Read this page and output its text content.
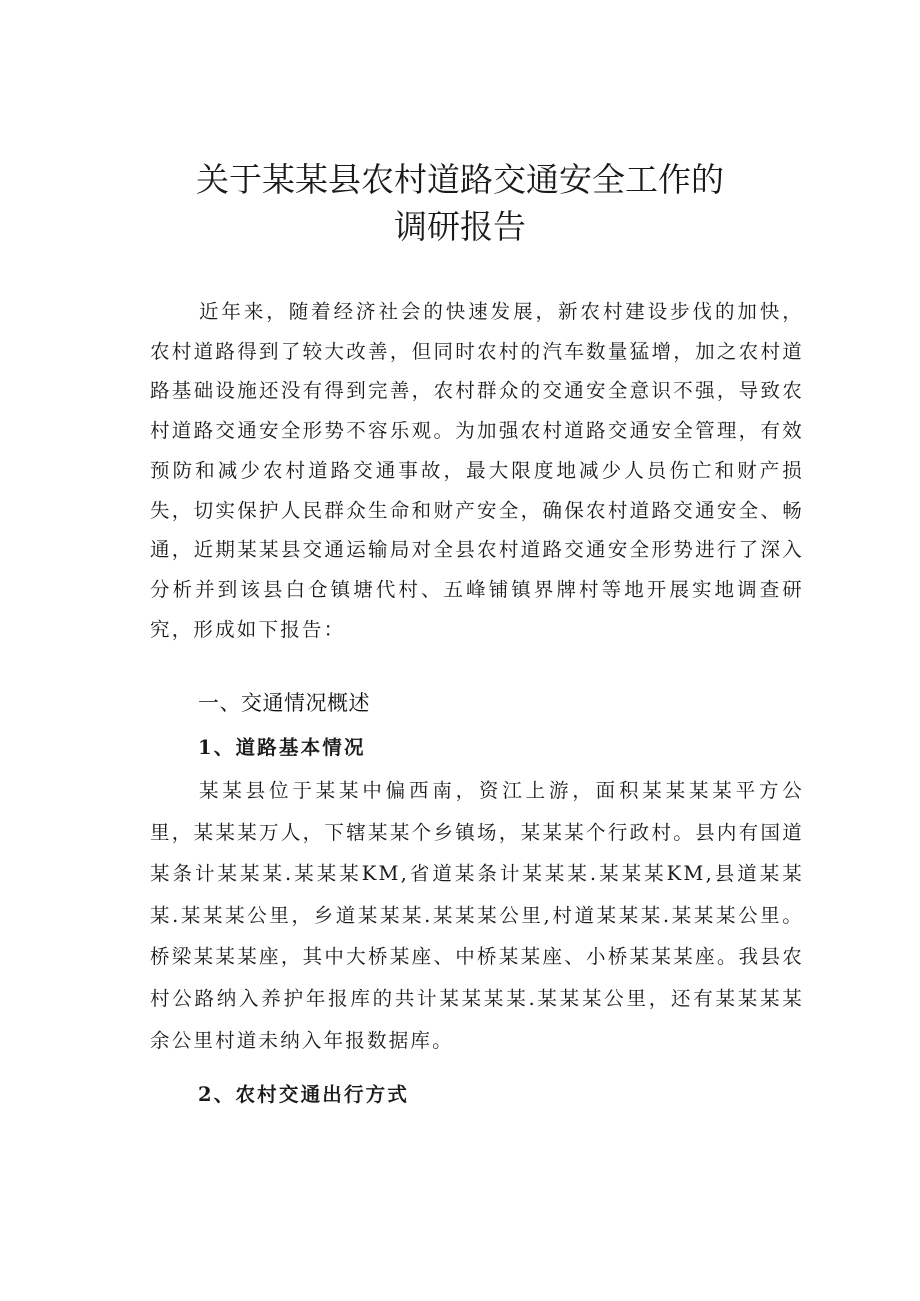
关于某某县农村道路交通安全工作的
调研报告

近年来，随着经济社会的快速发展，新农村建设步伐的加快，农村道路得到了较大改善，但同时农村的汽车数量猛增，加之农村道路基础设施还没有得到完善，农村群众的交通安全意识不强，导致农村道路交通安全形势不容乐观。为加强农村道路交通安全管理，有效预防和减少农村道路交通事故，最大限度地减少人员伤亡和财产损失，切实保护人民群众生命和财产安全，确保农村道路交通安全、畅通，近期某某县交通运输局对全县农村道路交通安全形势进行了深入分析并到该县白仓镇塘代村、五峰铺镇界牌村等地开展实地调查研究，形成如下报告：

一、交通情况概述
1、道路基本情况

某某县位于某某中偏西南，资江上游，面积某某某某平方公里，某某某万人，下辖某某个乡镇场，某某某个行政村。县内有国道某条计某某某.某某某KM,省道某条计某某某.某某某KM,县道某某某.某某某公里，乡道某某某.某某某公里,村道某某某.某某某公里。桥梁某某某座，其中大桥某座、中桥某某座、小桥某某某座。我县农村公路纳入养护年报库的共计某某某某.某某某公里，还有某某某某余公里村道未纳入年报数据库。

2、农村交通出行方式
